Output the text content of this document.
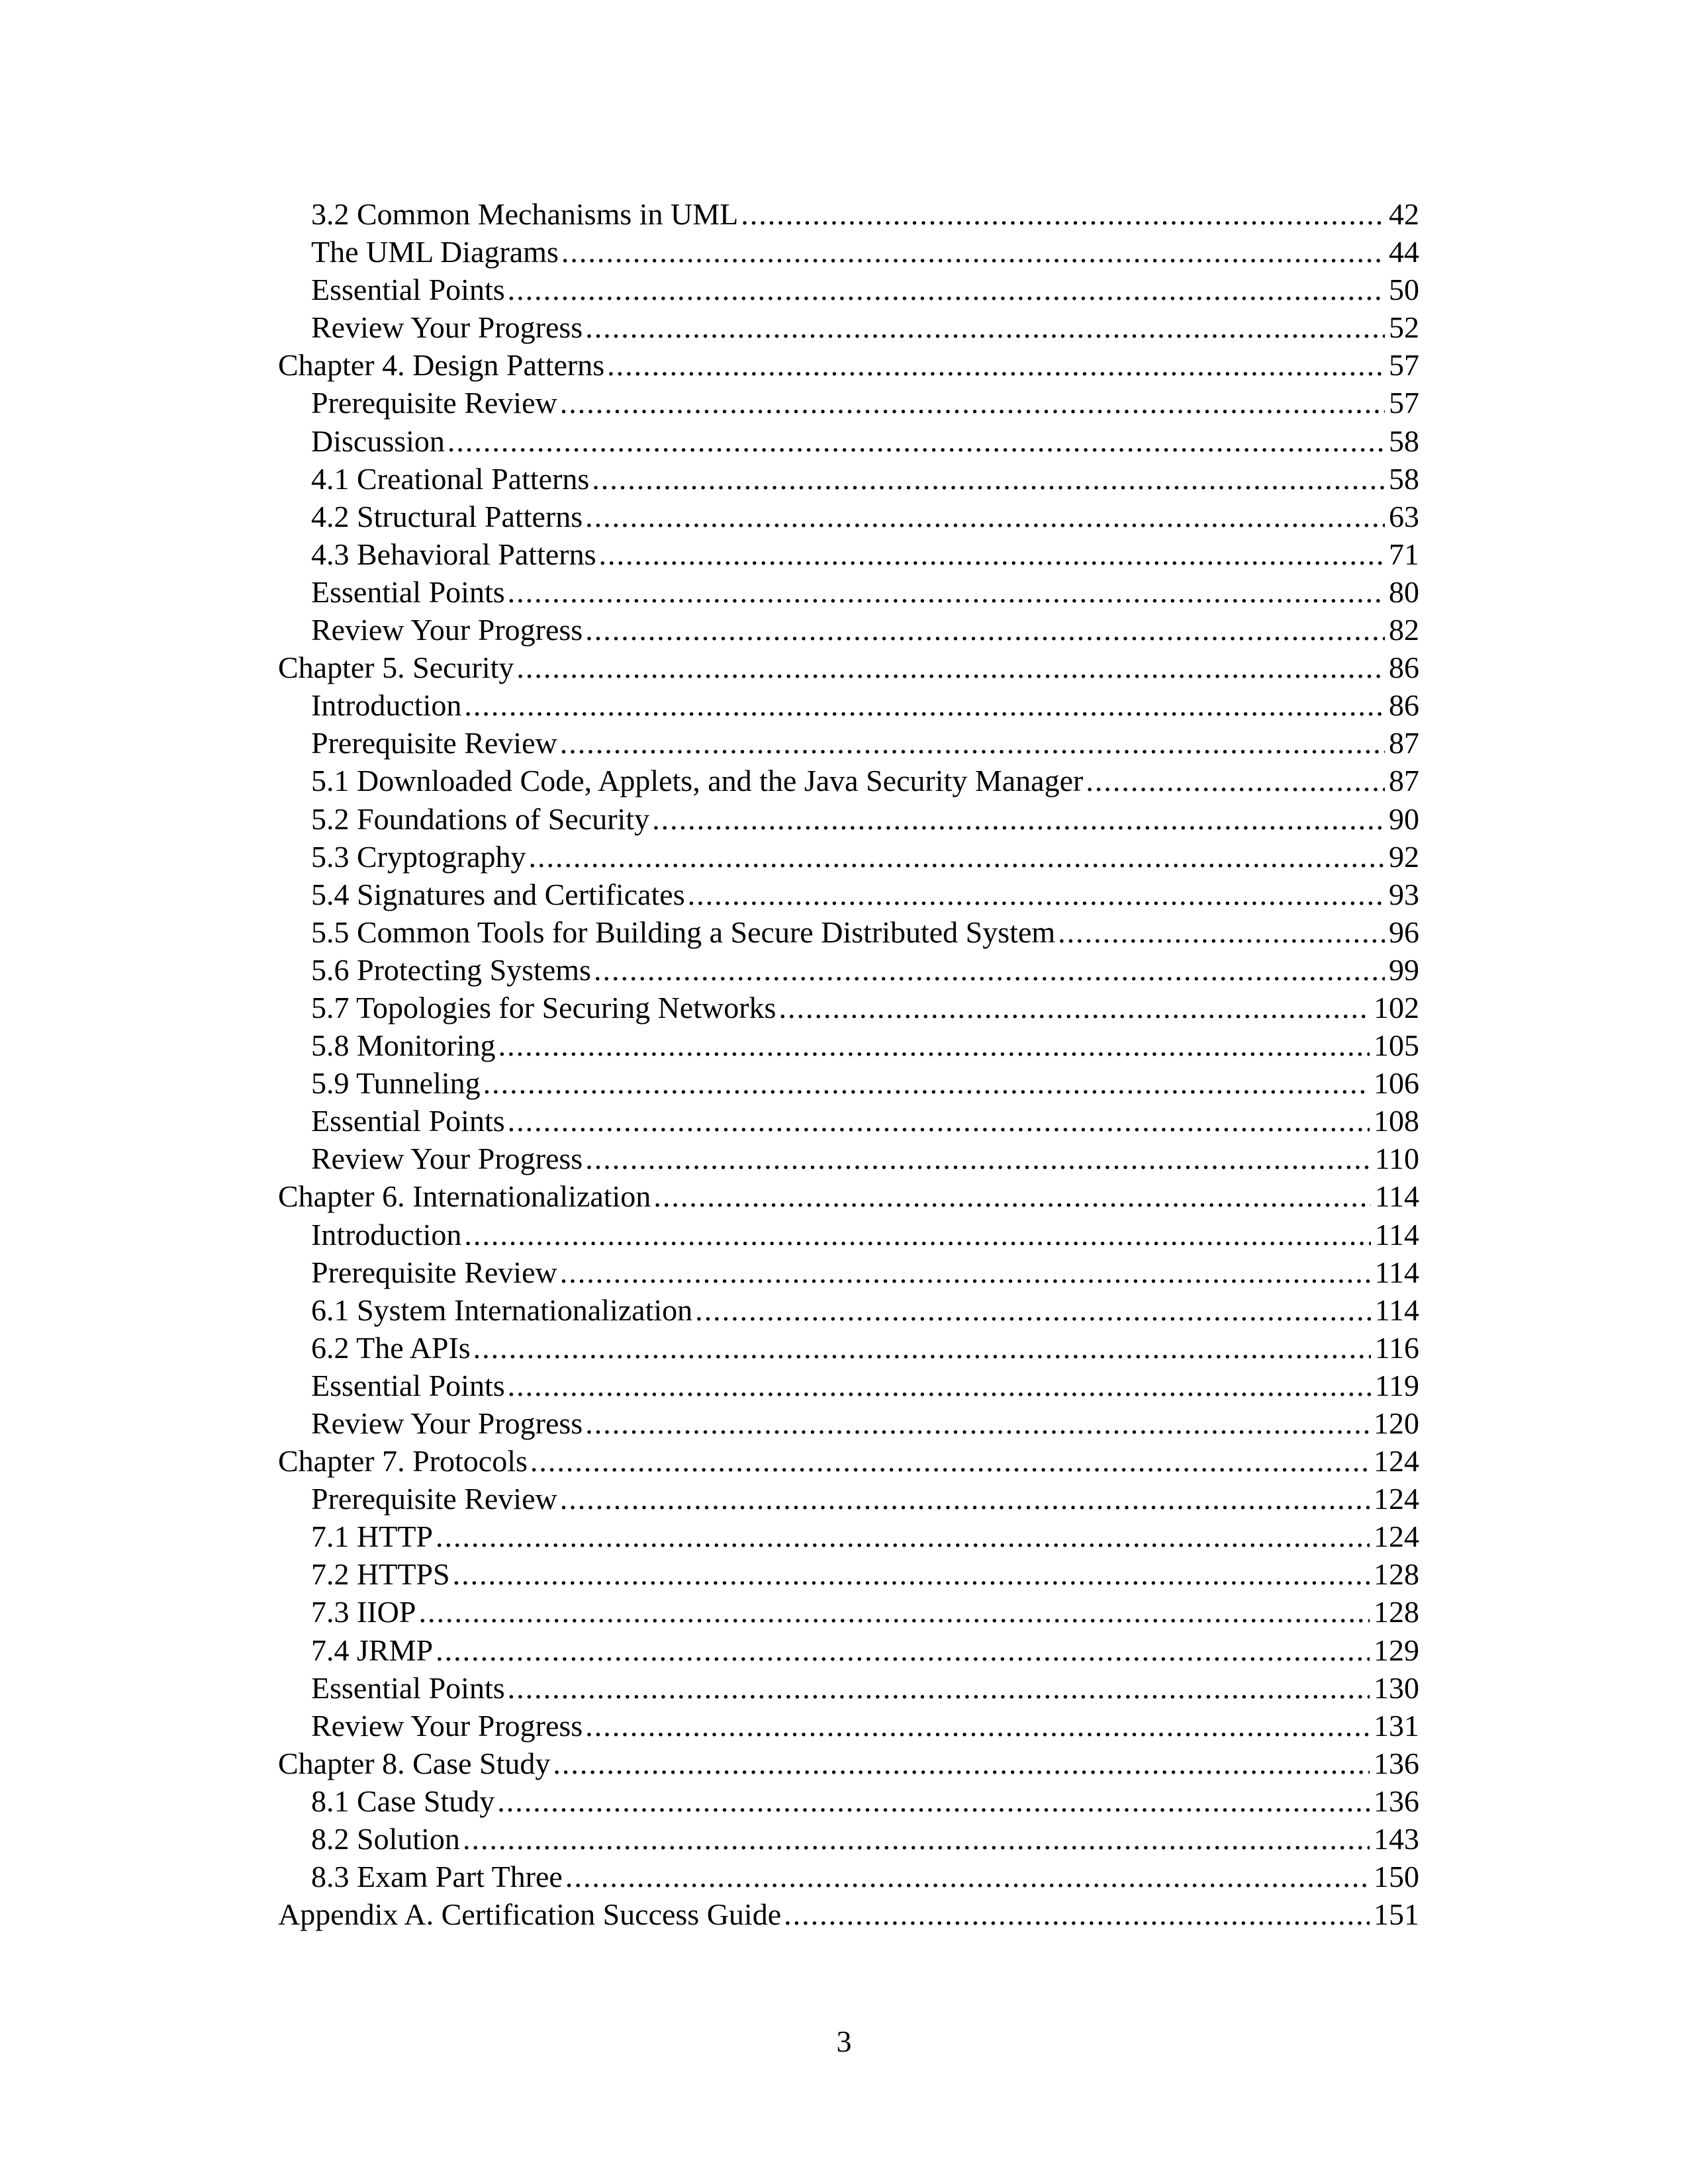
3.2 Common Mechanisms in UML .....	42
The UML Diagrams .....	44
Essential Points .....	50
Review Your Progress .....	52
Chapter 4. Design Patterns .....	57
Prerequisite Review .....	57
Discussion .....	58
4.1 Creational Patterns .....	58
4.2 Structural Patterns .....	63
4.3 Behavioral Patterns .....	71
Essential Points .....	80
Review Your Progress .....	82
Chapter 5. Security .....	86
Introduction .....	86
Prerequisite Review .....	87
5.1 Downloaded Code, Applets, and the Java Security Manager .....	87
5.2 Foundations of Security .....	90
5.3 Cryptography .....	92
5.4 Signatures and Certificates .....	93
5.5 Common Tools for Building a Secure Distributed System .....	96
5.6 Protecting Systems .....	99
5.7 Topologies for Securing Networks .....	102
5.8 Monitoring .....	105
5.9 Tunneling .....	106
Essential Points .....	108
Review Your Progress .....	110
Chapter 6. Internationalization .....	114
Introduction .....	114
Prerequisite Review .....	114
6.1 System Internationalization .....	114
6.2 The APIs .....	116
Essential Points .....	119
Review Your Progress .....	120
Chapter 7. Protocols .....	124
Prerequisite Review .....	124
7.1 HTTP .....	124
7.2 HTTPS .....	128
7.3 IIOP .....	128
7.4 JRMP .....	129
Essential Points .....	130
Review Your Progress .....	131
Chapter 8. Case Study .....	136
8.1 Case Study .....	136
8.2 Solution .....	143
8.3 Exam Part Three .....	150
Appendix A. Certification Success Guide .....	151
3
